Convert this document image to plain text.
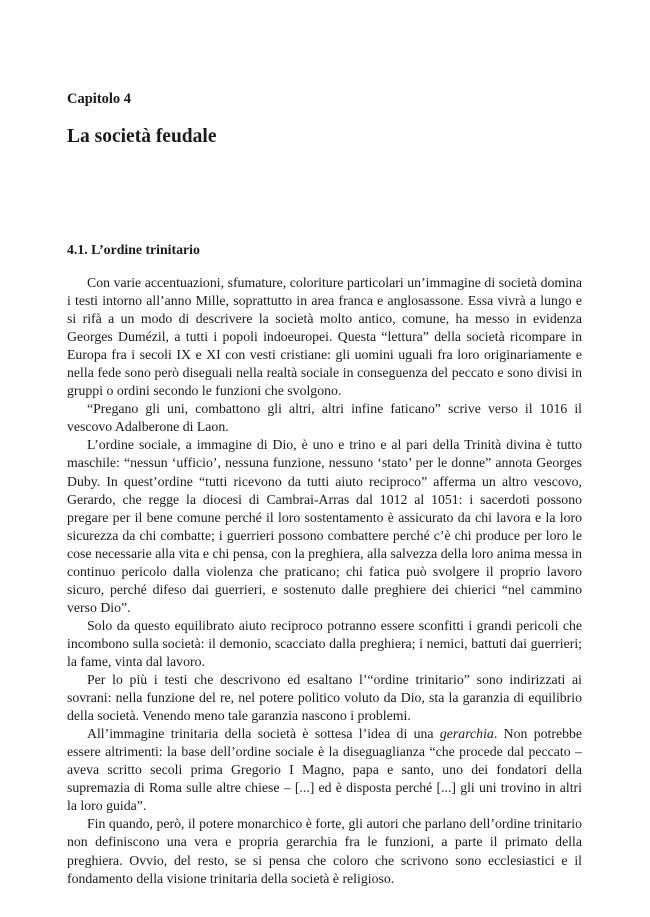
Capitolo 4
La società feudale
4.1. L’ordine trinitario

Con varie accentuazioni, sfumature, coloriture particolari un’immagine di società domina i testi intorno all’anno Mille, soprattutto in area franca e anglosassone. Essa vivrà a lungo e si rifà a un modo di descrivere la società molto antico, comune, ha messo in evidenza Georges Dumézil, a tutti i popoli indoeuropei. Questa “lettura” della società ricompare in Europa fra i secoli IX e XI con vesti cristiane: gli uomini uguali fra loro originariamente e nella fede sono però diseguali nella realtà sociale in conseguenza del peccato e sono divisi in gruppi o ordini secondo le funzioni che svolgono.

“Pregano gli uni, combattono gli altri, altri infine faticano” scrive verso il 1016 il vescovo Adalberone di Laon.

L’ordine sociale, a immagine di Dio, è uno e trino e al pari della Trinità divina è tutto maschile: “nessun ‘ufficio’, nessuna funzione, nessuno ‘stato’ per le donne” annota Georges Duby. In quest’ordine “tutti ricevono da tutti aiuto reciproco” afferma un altro vescovo, Gerardo, che regge la diocesi di Cambrai-Arras dal 1012 al 1051: i sacerdoti possono pregare per il bene comune perché il loro sostentamento è assicurato da chi lavora e la loro sicurezza da chi combatte; i guerrieri possono combattere perché c’è chi produce per loro le cose necessarie alla vita e chi pensa, con la preghiera, alla salvezza della loro anima messa in continuo pericolo dalla violenza che praticano; chi fatica può svolgere il proprio lavoro sicuro, perché difeso dai guerrieri, e sostenuto dalle preghiere dei chierici “nel cammino verso Dio”.

Solo da questo equilibrato aiuto reciproco potranno essere sconfitti i grandi pericoli che incombono sulla società: il demonio, scacciato dalla preghiera; i nemici, battuti dai guerrieri; la fame, vinta dal lavoro.

Per lo più i testi che descrivono ed esaltano l’“ordine trinitario” sono indirizzati ai sovrani: nella funzione del re, nel potere politico voluto da Dio, sta la garanzia di equilibrio della società. Venendo meno tale garanzia nascono i problemi.

All’immagine trinitaria della società è sottesa l’idea di una gerarchia. Non potrebbe essere altrimenti: la base dell’ordine sociale è la diseguaglianza “che procede dal peccato – aveva scritto secoli prima Gregorio I Magno, papa e santo, uno dei fondatori della supremazia di Roma sulle altre chiese – [...] ed è disposta perché [...] gli uni trovino in altri la loro guida”.

Fin quando, però, il potere monarchico è forte, gli autori che parlano dell’ordine trinitario non definiscono una vera e propria gerarchia fra le funzioni, a parte il primato della preghiera. Ovvio, del resto, se si pensa che coloro che scrivono sono ecclesiastici e il fondamento della visione trinitaria della società è religioso.
